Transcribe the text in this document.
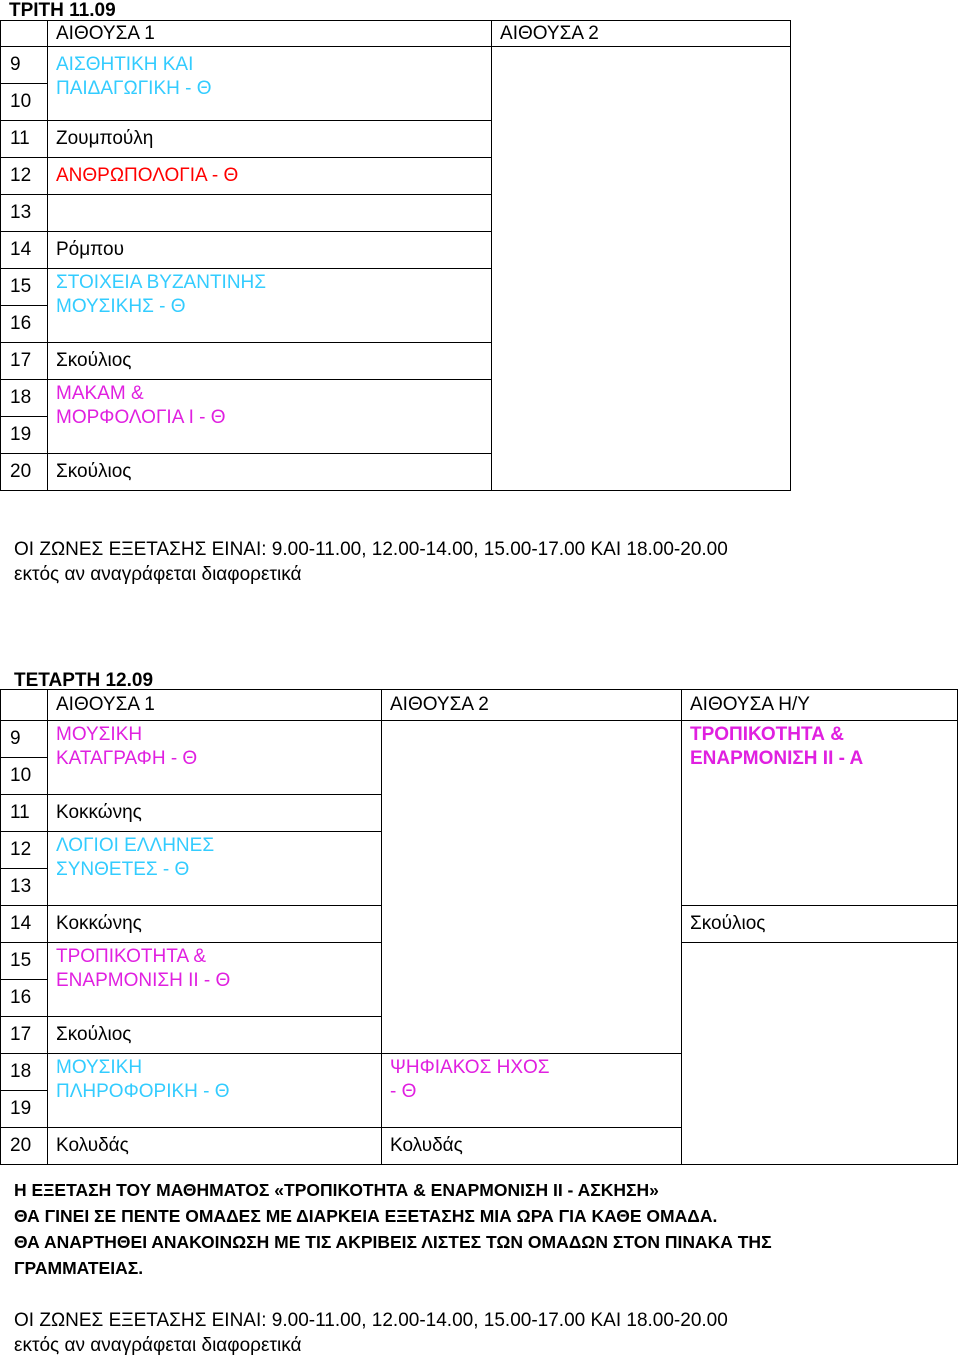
ΤΡΙΤΗ 11.09
	ΑΙΘΟΥΣΑ 1	ΑΙΘΟΥΣΑ 2
9	ΑΙΣΘΗΤΙΚΗ ΚΑΙ
ΠΑΙΔΑΓΩΓΙΚΗ - Θ	

10		
11	Ζουμπούλη	
12	ΑΝΘΡΩΠΟΛΟΓΙΑ - Θ	
13		
14	Ρόμπου	
15	ΣΤΟΙΧΕΙΑ ΒΥΖΑΝΤΙΝΗΣ
ΜΟΥΣΙΚΗΣ - Θ	

16		
17	Σκούλιος	
18	ΜΑΚΑΜ &
ΜΟΡΦΟΛΟΓΙΑ Ι - Θ	

19		
20	Σκούλιος	
ΟΙ ΖΩΝΕΣ ΕΞΕΤΑΣΗΣ ΕΙΝΑΙ: 9.00-11.00, 12.00-14.00, 15.00-17.00 ΚΑΙ 18.00-20.00
εκτός αν αναγράφεται διαφορετικά
ΤΕΤΑΡΤΗ 12.09
	ΑΙΘΟΥΣΑ 1	ΑΙΘΟΥΣΑ 2	ΑΙΘΟΥΣΑ Η/Υ
9	ΜΟΥΣΙΚΗ
ΚΑΤΑΓΡΑΦΗ - Θ		ΤΡΟΠΙΚΟΤΗΤΑ &
ΕΝΑΡΜΟΝΙΣΗ ΙΙ - Α

10			
11	Κοκκώνης		
12	ΛΟΓΙΟΙ ΕΛΛΗΝΕΣ
ΣΥΝΘΕΤΕΣ - Θ		

13			
14	Κοκκώνης		Σκούλιος
15	ΤΡΟΠΙΚΟΤΗΤΑ &
ΕΝΑΡΜΟΝΙΣΗ ΙΙ - Θ		

16			
17	Σκούλιος		
18	ΜΟΥΣΙΚΗ
ΠΛΗΡΟΦΟΡΙΚΗ - Θ	ΨΗΦΙΑΚΟΣ ΗΧΟΣ
- Θ	

19			
20	Κολυδάς	Κολυδάς	
Η ΕΞΕΤΑΣΗ ΤΟΥ ΜΑΘΗΜΑΤΟΣ «ΤΡΟΠΙΚΟΤΗΤΑ & ΕΝΑΡΜΟΝΙΣΗ ΙΙ - ΑΣΚΗΣΗ»
ΘΑ ΓΙΝΕΙ ΣΕ ΠΕΝΤΕ ΟΜΑΔΕΣ ΜΕ ΔΙΑΡΚΕΙΑ ΕΞΕΤΑΣΗΣ ΜΙΑ ΩΡΑ ΓΙΑ ΚΑΘΕ ΟΜΑΔΑ.
ΘΑ ΑΝΑΡΤΗΘΕΙ ΑΝΑΚΟΙΝΩΣΗ ΜΕ ΤΙΣ ΑΚΡΙΒΕΙΣ ΛΙΣΤΕΣ ΤΩΝ ΟΜΑΔΩΝ ΣΤΟΝ ΠΙΝΑΚΑ ΤΗΣ
ΓΡΑΜΜΑΤΕΙΑΣ.
ΟΙ ΖΩΝΕΣ ΕΞΕΤΑΣΗΣ ΕΙΝΑΙ: 9.00-11.00, 12.00-14.00, 15.00-17.00 ΚΑΙ 18.00-20.00
εκτός αν αναγράφεται διαφορετικά
